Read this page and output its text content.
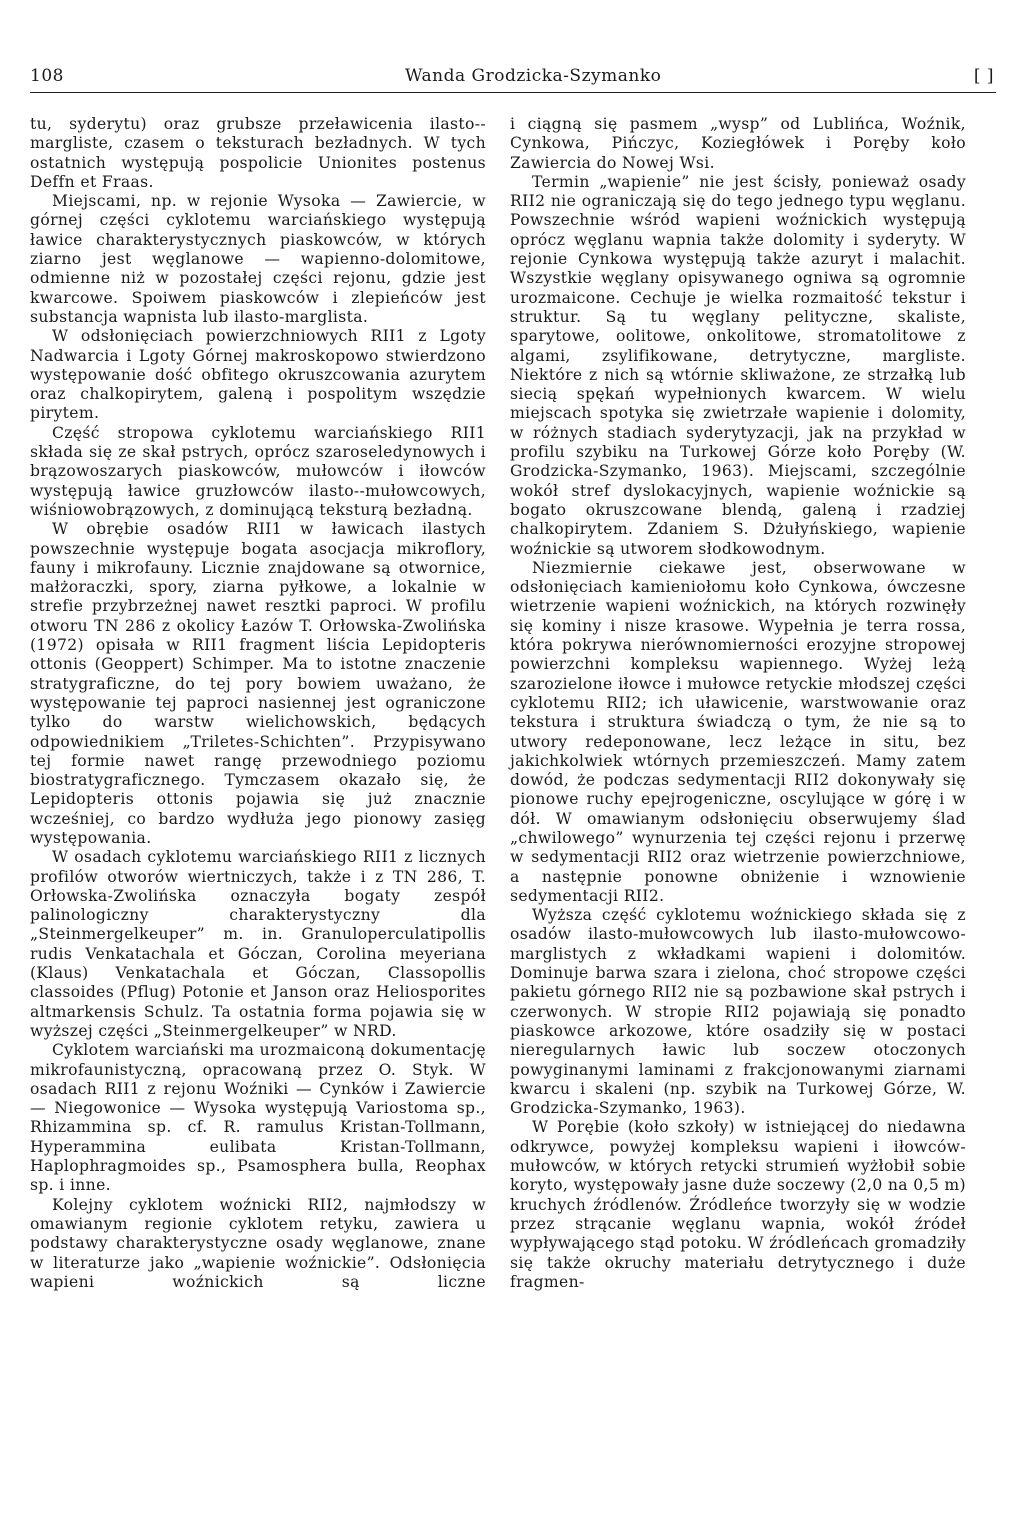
108	Wanda Grodzicka-Szymanko	[ ]

tu, syderytu) oraz grubsze przeławicenia ilasto--margliste, czasem o teksturach bezładnych. W tych ostatnich występują pospolicie Unionites postenus Deffn et Fraas.

Miejscami, np. w rejonie Wysoka — Zawiercie, w górnej części cyklotemu warciańskiego występują ławice charakterystycznych piaskowców, w których ziarno jest węglanowe — wapienno-dolomitowe, odmienne niż w pozostałej części rejonu, gdzie jest kwarcowe. Spoiwem piaskowców i zlepieńców jest substancja wapnista lub ilasto-marglista.

W odsłonięciach powierzchniowych RII1 z Lgoty Nadwarcia i Lgoty Górnej makroskopowo stwierdzono występowanie dość obfitego okruszcowania azurytem oraz chalkopirytem, galeną i pospolitym wszędzie pirytem.

Część stropowa cyklotemu warciańskiego RII1 składa się ze skał pstrych, oprócz szaroseledynowych i brązowoszarych piaskowców, mułowców i iłowców występują ławice gruzłowców ilasto--mułowcowych, wiśniowobrązowych, z dominującą teksturą bezładną.

W obrębie osadów RII1 w ławicach ilastych powszechnie występuje bogata asocjacja mikroflory, fauny i mikrofauny. Licznie znajdowane są otwornice, małżoraczki, spory, ziarna pyłkowe, a lokalnie w strefie przybrzeżnej nawet resztki paproci. W profilu otworu TN 286 z okolicy Łazów T. Orłowska-Zwolińska (1972) opisała w RII1 fragment liścia Lepidopteris ottonis (Geoppert) Schimper. Ma to istotne znaczenie stratygraficzne, do tej pory bowiem uważano, że występowanie tej paproci nasiennej jest ograniczone tylko do warstw wielichowskich, będących odpowiednikiem „Triletes-Schichten”. Przypisywano tej formie nawet rangę przewodniego poziomu biostratygraficznego. Tymczasem okazało się, że Lepidopteris ottonis pojawia się już znacznie wcześniej, co bardzo wydłuża jego pionowy zasięg występowania.

W osadach cyklotemu warciańskiego RII1 z licznych profilów otworów wiertniczych, także i z TN 286, T. Orłowska-Zwolińska oznaczyła bogaty zespół palinologiczny charakterystyczny dla „Steinmergelkeuper” m. in. Granuloperculatipollis rudis Venkatachala et Góczan, Corolina meyeriana (Klaus) Venkatachala et Góczan, Classopollis classoides (Pflug) Potonie et Janson oraz Heliosporites altmarkensis Schulz. Ta ostatnia forma pojawia się w wyższej części „Steinmergelkeuper” w NRD.

Cyklotem warciański ma urozmaiconą dokumentację mikrofaunistyczną, opracowaną przez O. Styk. W osadach RII1 z rejonu Woźniki — Cynków i Zawiercie — Niegowonice — Wysoka występują Variostoma sp., Rhizammina sp. cf. R. ramulus Kristan-Tollmann, Hyperammina eulibata Kristan-Tollmann, Haplophragmoides sp., Psamosphera bulla, Reophax sp. i inne.

Kolejny cyklotem woźnicki RII2, najmłodszy w omawianym regionie cyklotem retyku, zawiera u podstawy charakterystyczne osady węglanowe, znane w literaturze jako „wapienie woźnickie”. Odsłonięcia wapieni woźnickich są liczne

i ciągną się pasmem „wysp” od Lublińca, Woźnik, Cynkowa, Pińczyc, Koziegłówek i Poręby koło Zawiercia do Nowej Wsi.

Termin „wapienie” nie jest ścisły, ponieważ osady RII2 nie ograniczają się do tego jednego typu węglanu. Powszechnie wśród wapieni woźnickich występują oprócz węglanu wapnia także dolomity i syderyty. W rejonie Cynkowa występują także azuryt i malachit. Wszystkie węglany opisywanego ogniwa są ogromnie urozmaicone. Cechuje je wielka rozmaitość tekstur i struktur. Są tu węglany pelityczne, skaliste, sparytowe, oolitowe, onkolitowe, stromatolitowe z algami, zsylifikowane, detrytyczne, margliste. Niektóre z nich są wtórnie skliważone, ze strzałką lub siecią spękań wypełnionych kwarcem. W wielu miejscach spotyka się zwietrzałe wapienie i dolomity, w różnych stadiach syderytyzacji, jak na przykład w profilu szybiku na Turkowej Górze koło Poręby (W. Grodzicka-Szymanko, 1963). Miejscami, szczególnie wokół stref dyslokacyjnych, wapienie woźnickie są bogato okruszcowane blendą, galeną i rzadziej chalkopirytem. Zdaniem S. Dżułyńskiego, wapienie woźnickie są utworem słodkowodnym.

Niezmiernie ciekawe jest, obserwowane w odsłonięciach kamieniołomu koło Cynkowa, ówczesne wietrzenie wapieni woźnickich, na których rozwinęły się kominy i nisze krasowe. Wypełnia je terra rossa, która pokrywa nierównomierności erozyjne stropowej powierzchni kompleksu wapiennego. Wyżej leżą szarozielone iłowce i mułowce retyckie młodszej części cyklotemu RII2; ich uławicenie, warstwowanie oraz tekstura i struktura świadczą o tym, że nie są to utwory redeponowane, lecz leżące in situ, bez jakichkolwiek wtórnych przemieszczeń. Mamy zatem dowód, że podczas sedymentacji RII2 dokonywały się pionowe ruchy epejrogeniczne, oscylujące w górę i w dół. W omawianym odsłonięciu obserwujemy ślad „chwilowego” wynurzenia tej części rejonu i przerwę w sedymentacji RII2 oraz wietrzenie powierzchniowe, a następnie ponowne obniżenie i wznowienie sedymentacji RII2.

Wyższa część cyklotemu woźnickiego składa się z osadów ilasto-mułowcowych lub ilasto-mułowcowo-marglistych z wkładkami wapieni i dolomitów. Dominuje barwa szara i zielona, choć stropowe części pakietu górnego RII2 nie są pozbawione skał pstrych i czerwonych. W stropie RII2 pojawiają się ponadto piaskowce arkozowe, które osadziły się w postaci nieregularnych ławic lub soczew otoczonych powyginanymi laminami z frakcjonowanymi ziarnami kwarcu i skaleni (np. szybik na Turkowej Górze, W. Grodzicka-Szymanko, 1963).

W Porębie (koło szkoły) w istniejącej do niedawna odkrywce, powyżej kompleksu wapieni i iłowców-mułowców, w których retycki strumień wyżłobił sobie koryto, występowały jasne duże soczewy (2,0 na 0,5 m) kruchych źródlenów. Źródleńce tworzyły się w wodzie przez strącanie węglanu wapnia, wokół źródeł wypływającego stąd potoku. W źródleńcach gromadziły się także okruchy materiału detrytycznego i duże fragmen-
